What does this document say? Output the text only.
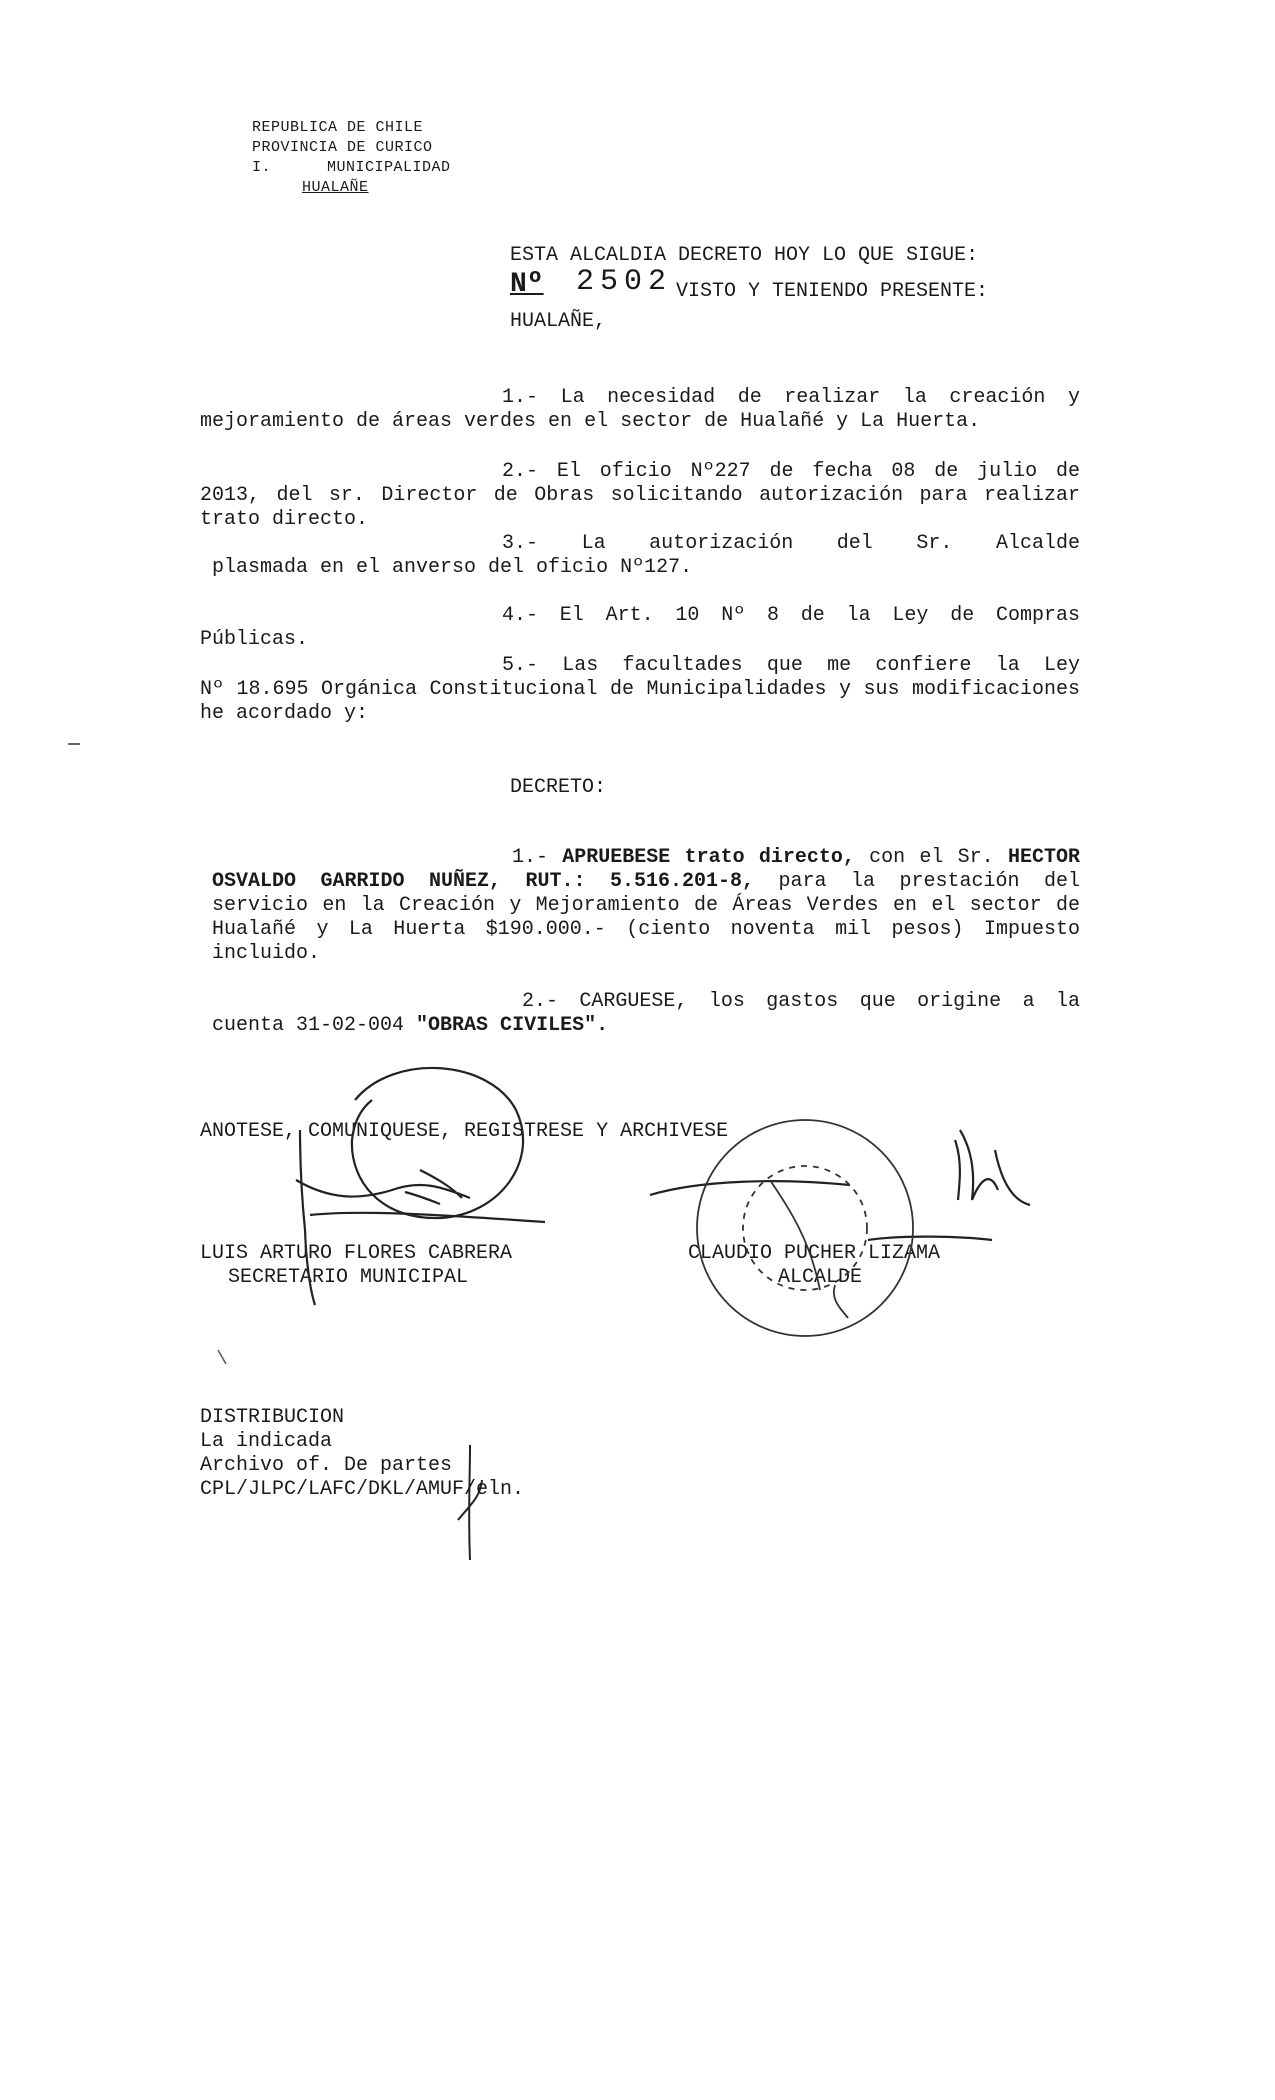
REPUBLICA DE CHILE
PROVINCIA DE CURICO
I.	MUNICIPALIDAD
HUALAÑE
ESTA ALCALDIA DECRETO HOY LO QUE SIGUE:
Nº 2502 VISTO Y TENIENDO PRESENTE:
HUALAÑE,
1.- La necesidad de realizar la creación y
mejoramiento de áreas verdes en el sector de Hualañé y La Huerta.
2.- El oficio Nº227 de fecha 08 de julio de
2013, del sr. Director de Obras solicitando autorización para realizar trato directo.
3.- La autorización del Sr. Alcalde
plasmada en el anverso del oficio Nº127.
4.- El Art. 10 Nº 8 de la Ley de Compras
Públicas.
5.- Las facultades que me confiere la Ley
Nº 18.695 Orgánica Constitucional de Municipalidades y sus modificaciones he acordado y:
DECRETO:
1.- APRUEBESE trato directo, con el Sr. HECTOR OSVALDO GARRIDO NUÑEZ, RUT.: 5.516.201-8, para la prestación del servicio en la Creación y Mejoramiento de Áreas Verdes en el sector de Hualañé y La Huerta $190.000.- (ciento noventa mil pesos) Impuesto incluido.
2.- CARGUESE, los gastos que origine a la
cuenta 31-02-004 "OBRAS CIVILES".
ANOTESE, COMUNIQUESE, REGISTRESE Y ARCHIVESE
LUIS ARTURO FLORES CABRERA
SECRETARIO MUNICIPAL
CLAUDIO PUCHER LIZAMA
ALCALDE
DISTRIBUCION
La indicada
Archivo of. De partes
CPL/JLPC/LAFC/DKL/AMUF/eln.
